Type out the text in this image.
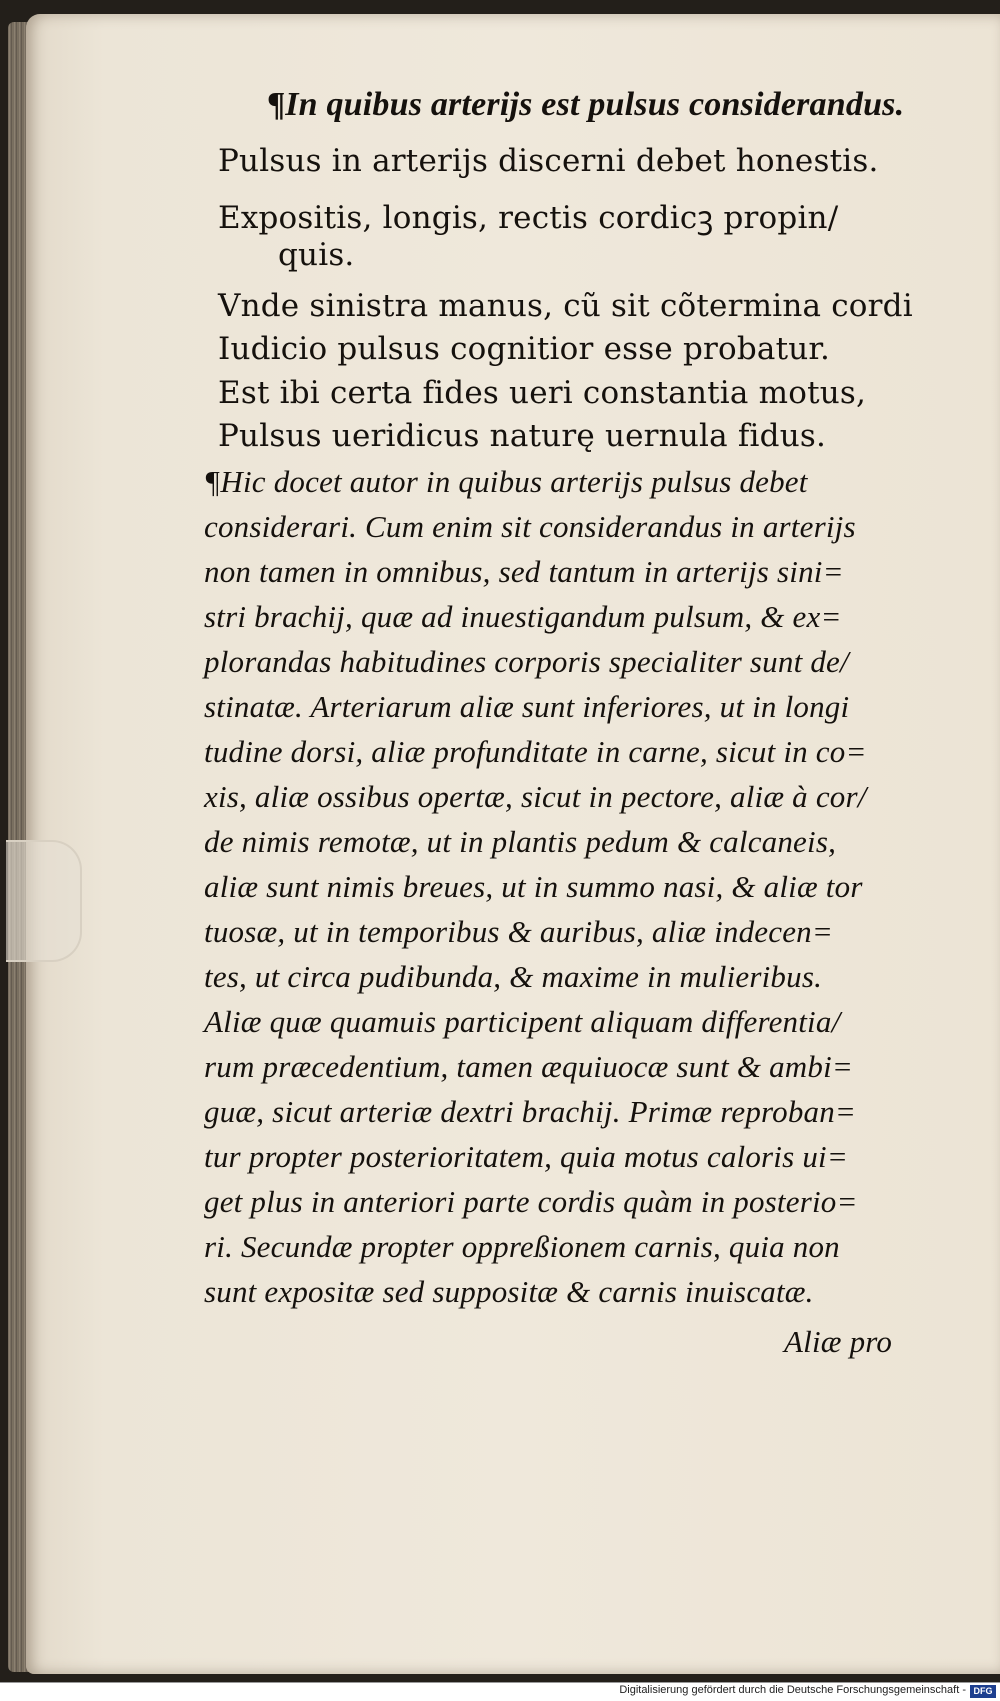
¶In quibus arterijs est pulsus considerandus.
Pulsus in arterijs discerni debet honestis.
Expositis, longis, rectis cordicꝫ propin/
quis.
Vnde sinistra manus, cũ sit cõtermina cordi
Iudicio pulsus cognitior esse probatur.
Est ibi certa fides ueri constantia motus,
Pulsus ueridicus naturę uernula fidus.
¶Hic docet autor in quibus arterijs pulsus debet
considerari. Cum enim sit considerandus in arterijs
non tamen in omnibus, sed tantum in arterijs sini=
stri brachij, quæ ad inuestigandum pulsum, & ex=
plorandas habitudines corporis specialiter sunt de/
stinatæ. Arteriarum aliæ sunt inferiores, ut in longi
tudine dorsi, aliæ profunditate in carne, sicut in co=
xis, aliæ ossibus opertæ, sicut in pectore, aliæ à cor/
de nimis remotæ, ut in plantis pedum & calcaneis,
aliæ sunt nimis breues, ut in summo nasi, & aliæ tor
tuosæ, ut in temporibus & auribus, aliæ indecen=
tes, ut circa pudibunda, & maxime in mulieribus.
Aliæ quæ quamuis participent aliquam differentia/
rum præcedentium, tamen æquiuocæ sunt & ambi=
guæ, sicut arteriæ dextri brachij. Primæ reproban=
tur propter posterioritatem, quia motus caloris ui=
get plus in anteriori parte cordis quàm in posterio=
ri. Secundæ propter oppreßionem carnis, quia non
sunt expositæ sed suppositæ & carnis inuiscatæ.
Aliæ pro
Digitalisierung gefördert durch die Deutsche Forschungsgemeinschaft - DFG
